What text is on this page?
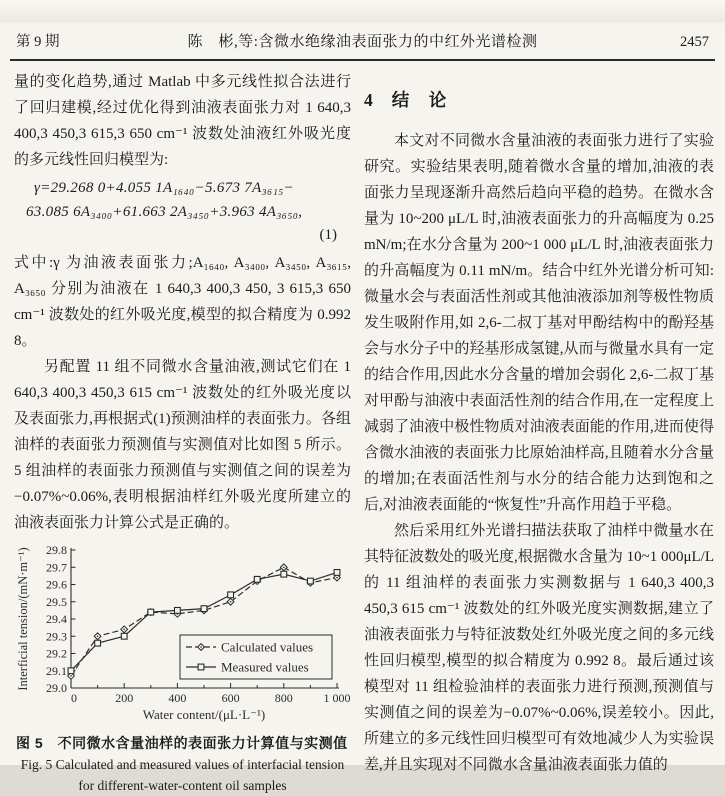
第 9 期	陈　彬,等:含微水绝缘油表面张力的中红外光谱检测	2457

量的变化趋势,通过 Matlab 中多元线性拟合法进行了回归建模,经过优化得到油液表面张力对 1 640,3 400,3 450,3 615,3 650 cm⁻¹ 波数处油液红外吸光度的多元线性回归模型为:

γ=29.268 0+4.055 1A₁₆₄₀−5.673 7A₃₆₁₅−
63.085 6A₃₄₀₀+61.663 2A₃₄₅₀+3.963 4A₃₆₅₀,
(1)

式中:γ 为油液表面张力;A₁₆₄₀, A₃₄₀₀, A₃₄₅₀, A₃₆₁₅, A₃₆₅₀ 分别为油液在 1 640,3 400,3 450, 3 615,3 650 cm⁻¹ 波数处的红外吸光度,模型的拟合精度为 0.992 8。

另配置 11 组不同微水含量油液,测试它们在 1 640,3 400,3 450,3 615 cm⁻¹ 波数处的红外吸光度以及表面张力,再根据式(1)预测油样的表面张力。各组油样的表面张力预测值与实测值对比如图 5 所示。5 组油样的表面张力预测值与实测值之间的误差为−0.07%~0.06%,表明根据油样红外吸光度所建立的油液表面张力计算公式是正确的。

29.0
29.1
29.2
29.3
29.4
29.5
29.6
29.7
29.8
0	200	400	600	800	1 000
Water content/(μL·L⁻¹)
Interficial tension/(mN·m⁻¹)	Calculated values
Measured values
图 5　不同微水含量油样的表面张力计算值与实测值
Fig. 5 Calculated and measured values of interfacial tension
for different-water-content oil samples
4 结　论

本文对不同微水含量油液的表面张力进行了实验研究。实验结果表明,随着微水含量的增加,油液的表面张力呈现逐渐升高然后趋向平稳的趋势。在微水含量为 10~200 μL/L 时,油液表面张力的升高幅度为 0.25 mN/m;在水分含量为 200~1 000 μL/L 时,油液表面张力的升高幅度为 0.11 mN/m。结合中红外光谱分析可知:微量水会与表面活性剂或其他油液添加剂等极性物质发生吸附作用,如 2,6-二叔丁基对甲酚结构中的酚羟基会与水分子中的羟基形成氢键,从而与微量水具有一定的结合作用,因此水分含量的增加会弱化 2,6-二叔丁基对甲酚与油液中表面活性剂的结合作用,在一定程度上减弱了油液中极性物质对油液表面能的作用,进而使得含微水油液的表面张力比原始油样高,且随着水分含量的增加;在表面活性剂与水分的结合能力达到饱和之后,对油液表面能的“恢复性”升高作用趋于平稳。

然后采用红外光谱扫描法获取了油样中微量水在其特征波数处的吸光度,根据微水含量为 10~1 000μL/L 的 11 组油样的表面张力实测数据与 1 640,3 400,3 450,3 615 cm⁻¹ 波数处的红外吸光度实测数据,建立了油液表面张力与特征波数处红外吸光度之间的多元线性回归模型,模型的拟合精度为 0.992 8。最后通过该模型对 11 组检验油样的表面张力进行预测,预测值与实测值之间的误差为−0.07%~0.06%,误差较小。因此,所建立的多元线性回归模型可有效地减少人为实验误差,并且实现对不同微水含量油液表面张力值的
